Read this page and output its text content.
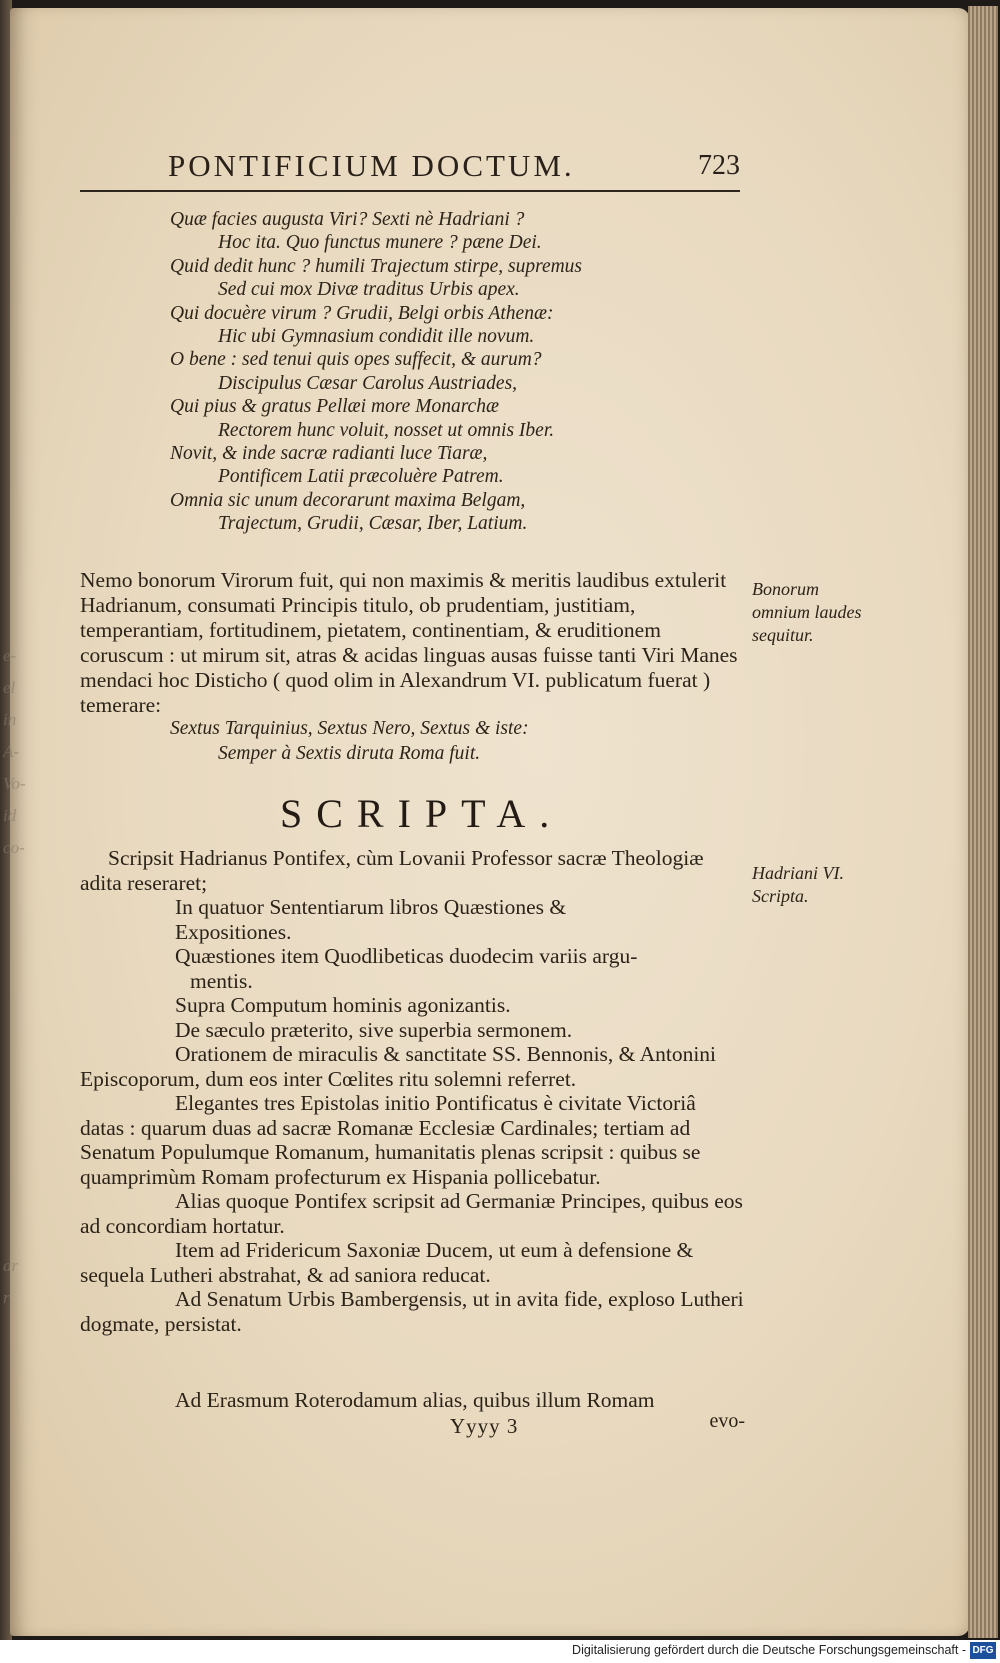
e-
el
in
A-
Vo-
id
co-
ar
r
PONTIFICIUM DOCTUM.	723
Quæ facies augusta Viri? Sexti nè Hadriani ?
Hoc ita. Quo functus munere ? pæne Dei.
Quid dedit hunc ? humili Trajectum stirpe, supremus
Sed cui mox Divæ traditus Urbis apex.
Qui docuère virum ? Grudii, Belgi orbis Athenæ:
Hic ubi Gymnasium condidit ille novum.
O bene : sed tenui quis opes suffecit, & aurum?
Discipulus Cæsar Carolus Austriades,
Qui pius & gratus Pellæi more Monarchæ
Rectorem hunc voluit, nosset ut omnis Iber.
Novit, & inde sacræ radianti luce Tiaræ,
Pontificem Latii præcoluère Patrem.
Omnia sic unum decorarunt maxima Belgam,
Trajectum, Grudii, Cæsar, Iber, Latium.
Nemo bonorum Virorum fuit, qui non maximis & meritis laudibus extulerit Hadrianum, consumati Principis titulo, ob prudentiam, justitiam, temperantiam, fortitudinem, pietatem, continentiam, & eruditionem coruscum : ut mirum sit, atras & acidas linguas ausas fuisse tanti Viri Manes mendaci hoc Disticho ( quod olim in Alexandrum VI. publicatum fuerat ) temerare:
Sextus Tarquinius, Sextus Nero, Sextus & iste:
Semper à Sextis diruta Roma fuit.
SCRIPTA.
Scripsit Hadrianus Pontifex, cùm Lovanii Professor sacræ Theologiæ adita reseraret;
In quatuor Sententiarum libros Quæstiones &
Expositiones.
Quæstiones item Quodlibeticas duodecim variis argu-
mentis.
Supra Computum hominis agonizantis.
De sæculo præterito, sive superbia sermonem.
Orationem de miraculis & sanctitate SS. Bennonis, & Antonini Episcoporum, dum eos inter Cœlites ritu solemni referret.
Elegantes tres Epistolas initio Pontificatus è civitate Victoriâ datas : quarum duas ad sacræ Romanæ Ecclesiæ Cardinales; tertiam ad Senatum Populumque Romanum, humanitatis plenas scripsit : quibus se quamprimùm Romam profecturum ex Hispania pollicebatur.
Alias quoque Pontifex scripsit ad Germaniæ Principes, quibus eos ad concordiam hortatur.
Item ad Fridericum Saxoniæ Ducem, ut eum à defensione & sequela Lutheri abstrahat, & ad saniora reducat.
Ad Senatum Urbis Bambergensis, ut in avita fide, exploso Lutheri dogmate, persistat.
Ad Erasmum Roterodamum alias, quibus illum Romam
evo-
Yyyy 3
Bonorum omnium laudes sequitur.
Hadriani VI. Scripta.
Digitalisierung gefördert durch die Deutsche Forschungsgemeinschaft - DFG
